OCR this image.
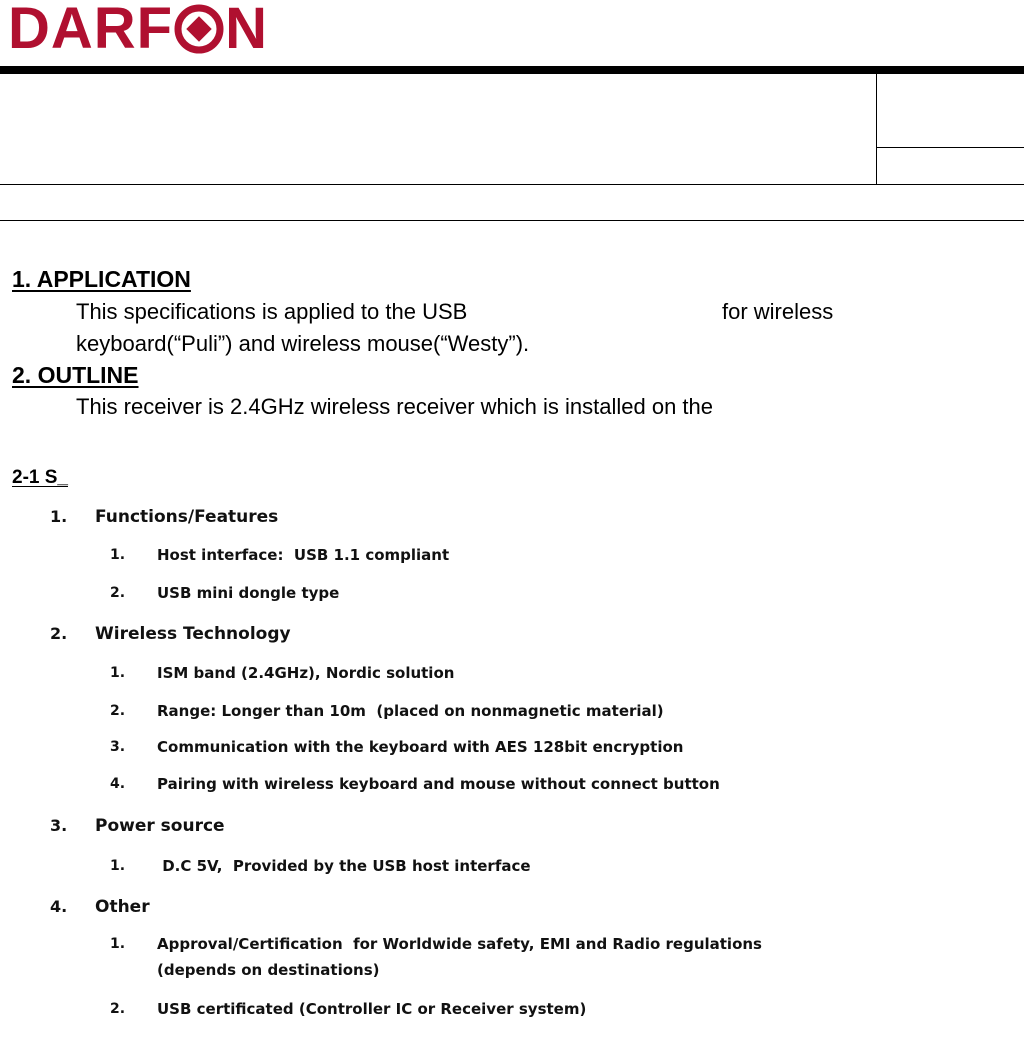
DARF N
1. APPLICATION
This specifications is applied to the USB	for wireless
keyboard(“Puli”) and wireless mouse(“Westy”).
2. OUTLINE
This receiver is 2.4GHz wireless receiver which is installed on the
2-1 S_
1. Functions/Features
1. Host interface:  USB 1.1 compliant
2. USB mini dongle type
2. Wireless Technology
1. ISM band (2.4GHz), Nordic solution
2. Range: Longer than 10m  (placed on nonmagnetic material)
3. Communication with the keyboard with AES 128bit encryption
4. Pairing with wireless keyboard and mouse without connect button
3. Power source
1. D.C 5V,  Provided by the USB host interface
4. Other
1. Approval/Certification  for Worldwide safety, EMI and Radio regulations
(depends on destinations)
2. USB certificated (Controller IC or Receiver system)
